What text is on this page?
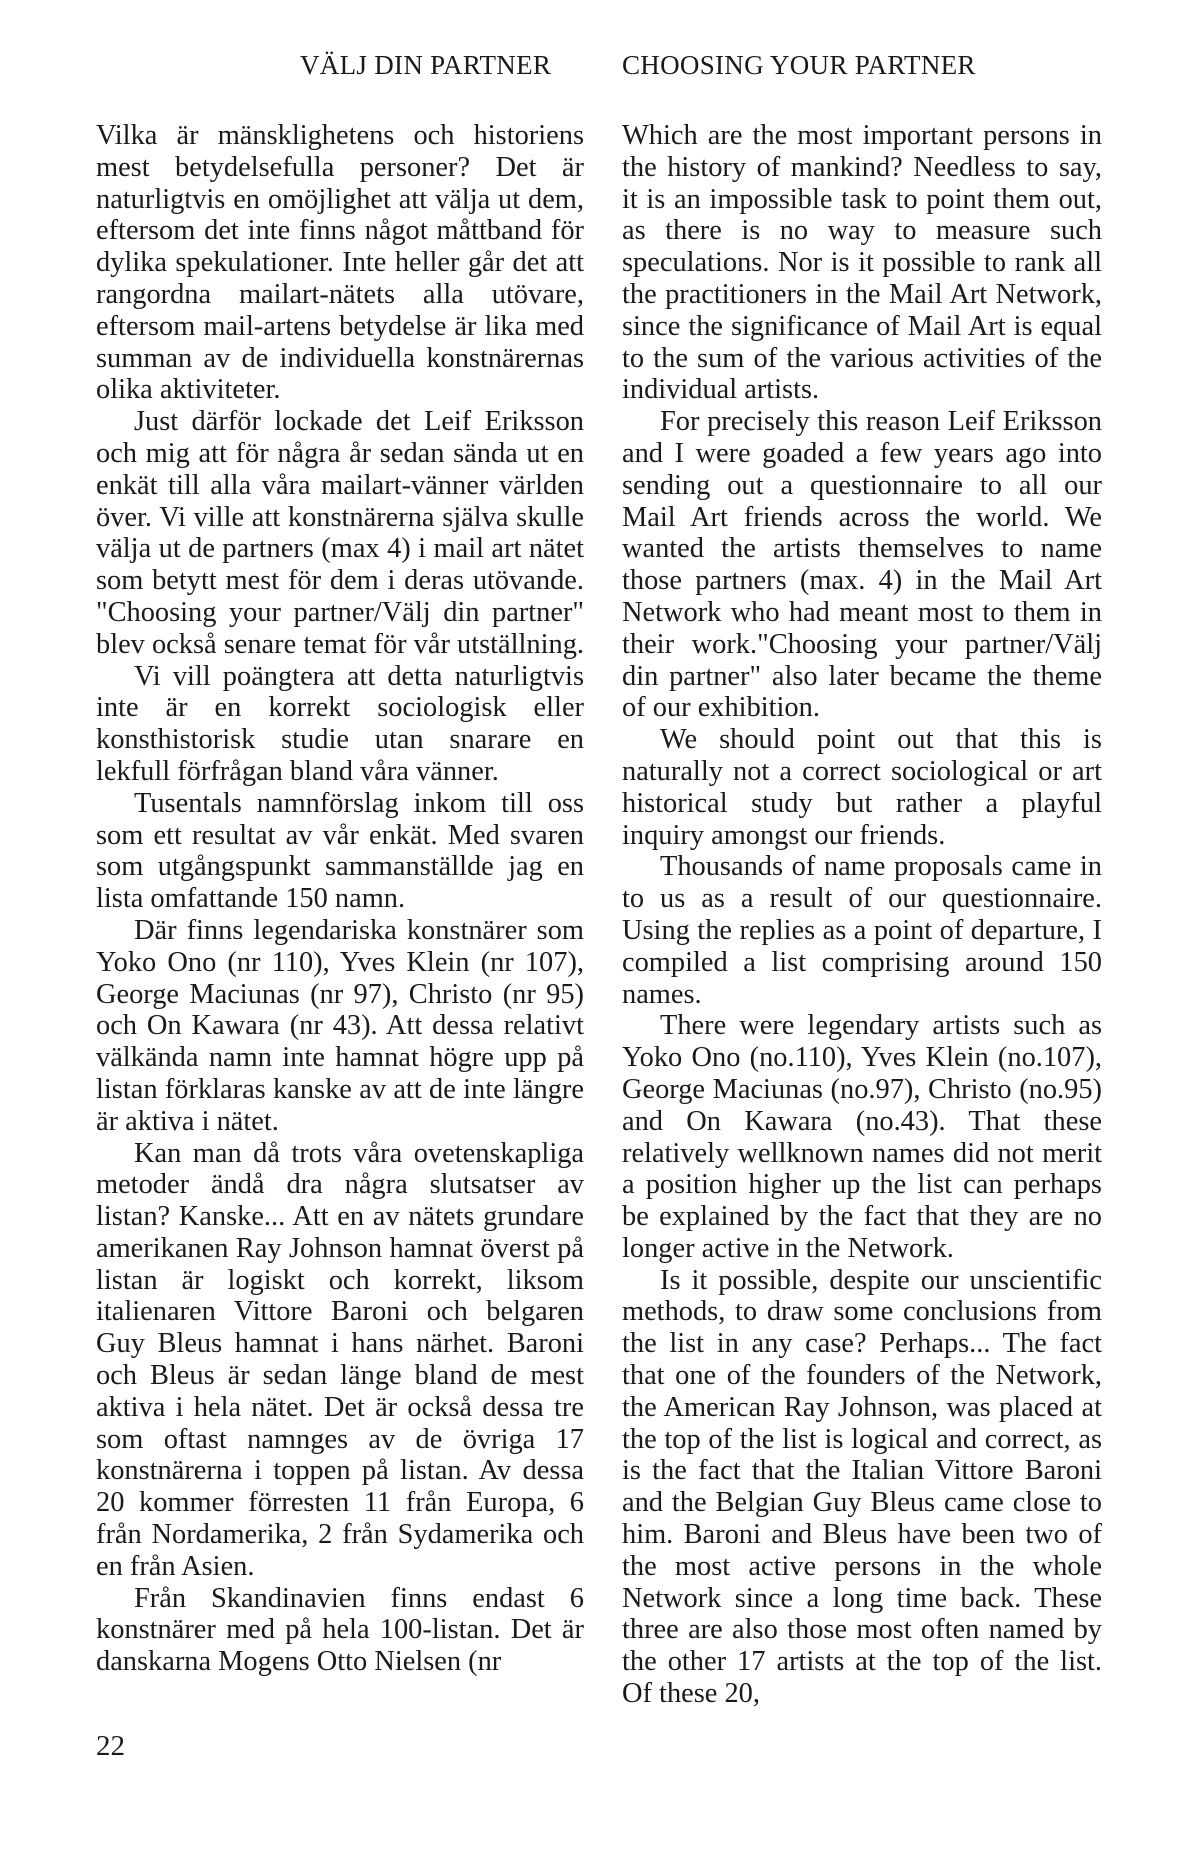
VÄLJ DIN PARTNER	CHOOSING YOUR PARTNER

Vilka är mänsklighetens och historiens mest betydelsefulla personer? Det är naturligtvis en omöjlighet att välja ut dem, eftersom det inte finns något måttband för dylika spekulationer. Inte heller går det att rangordna mailart-nätets alla utövare, eftersom mail-artens betydelse är lika med summan av de individuella konstnärernas olika aktiviteter.

Just därför lockade det Leif Eriksson och mig att för några år sedan sända ut en enkät till alla våra mailart-vänner världen över. Vi ville att konstnärerna själva skulle välja ut de partners (max 4) i mail art nätet som betytt mest för dem i deras utövande. "Choosing your partner/Välj din partner" blev också senare temat för vår utställning.

Vi vill poängtera att detta naturligtvis inte är en korrekt sociologisk eller konsthistorisk studie utan snarare en lekfull förfrågan bland våra vänner.

Tusentals namnförslag inkom till oss som ett resultat av vår enkät. Med svaren som utgångspunkt sammanställde jag en lista omfattande 150 namn.

Där finns legendariska konstnärer som Yoko Ono (nr 110), Yves Klein (nr 107), George Maciunas (nr 97), Christo (nr 95) och On Kawara (nr 43). Att dessa relativt välkända namn inte hamnat högre upp på listan förklaras kanske av att de inte längre är aktiva i nätet.

Kan man då trots våra ovetenskapliga metoder ändå dra några slutsatser av listan? Kanske... Att en av nätets grundare amerikanen Ray Johnson hamnat överst på listan är logiskt och korrekt, liksom italienaren Vittore Baroni och belgaren Guy Bleus hamnat i hans närhet. Baroni och Bleus är sedan länge bland de mest aktiva i hela nätet. Det är också dessa tre som oftast namnges av de övriga 17 konstnärerna i toppen på listan. Av dessa 20 kommer förresten 11 från Europa, 6 från Nordamerika, 2 från Sydamerika och en från Asien.

Från Skandinavien finns endast 6 konstnärer med på hela 100-listan. Det är danskarna Mogens Otto Nielsen (nr

Which are the most important persons in the history of mankind? Needless to say, it is an impossible task to point them out, as there is no way to measure such speculations. Nor is it possible to rank all the practitioners in the Mail Art Network, since the significance of Mail Art is equal to the sum of the various activities of the individual artists.

For precisely this reason Leif Eriksson and I were goaded a few years ago into sending out a questionnaire to all our Mail Art friends across the world. We wanted the artists themselves to name those partners (max. 4) in the Mail Art Network who had meant most to them in their work."Choosing your partner/Välj din partner" also later became the theme of our exhibition.

We should point out that this is naturally not a correct sociological or art historical study but rather a playful inquiry amongst our friends.

Thousands of name proposals came in to us as a result of our questionnaire. Using the replies as a point of departure, I compiled a list comprising around 150 names.

There were legendary artists such as Yoko Ono (no.110), Yves Klein (no.107), George Maciunas (no.97), Christo (no.95) and On Kawara (no.43). That these relatively wellknown names did not merit a position higher up the list can perhaps be explained by the fact that they are no longer active in the Network.

Is it possible, despite our unscientific methods, to draw some conclusions from the list in any case? Perhaps... The fact that one of the founders of the Network, the American Ray Johnson, was placed at the top of the list is logical and correct, as is the fact that the Italian Vittore Baroni and the Belgian Guy Bleus came close to him. Baroni and Bleus have been two of the most active persons in the whole Network since a long time back. These three are also those most often named by the other 17 artists at the top of the list. Of these 20,

22
